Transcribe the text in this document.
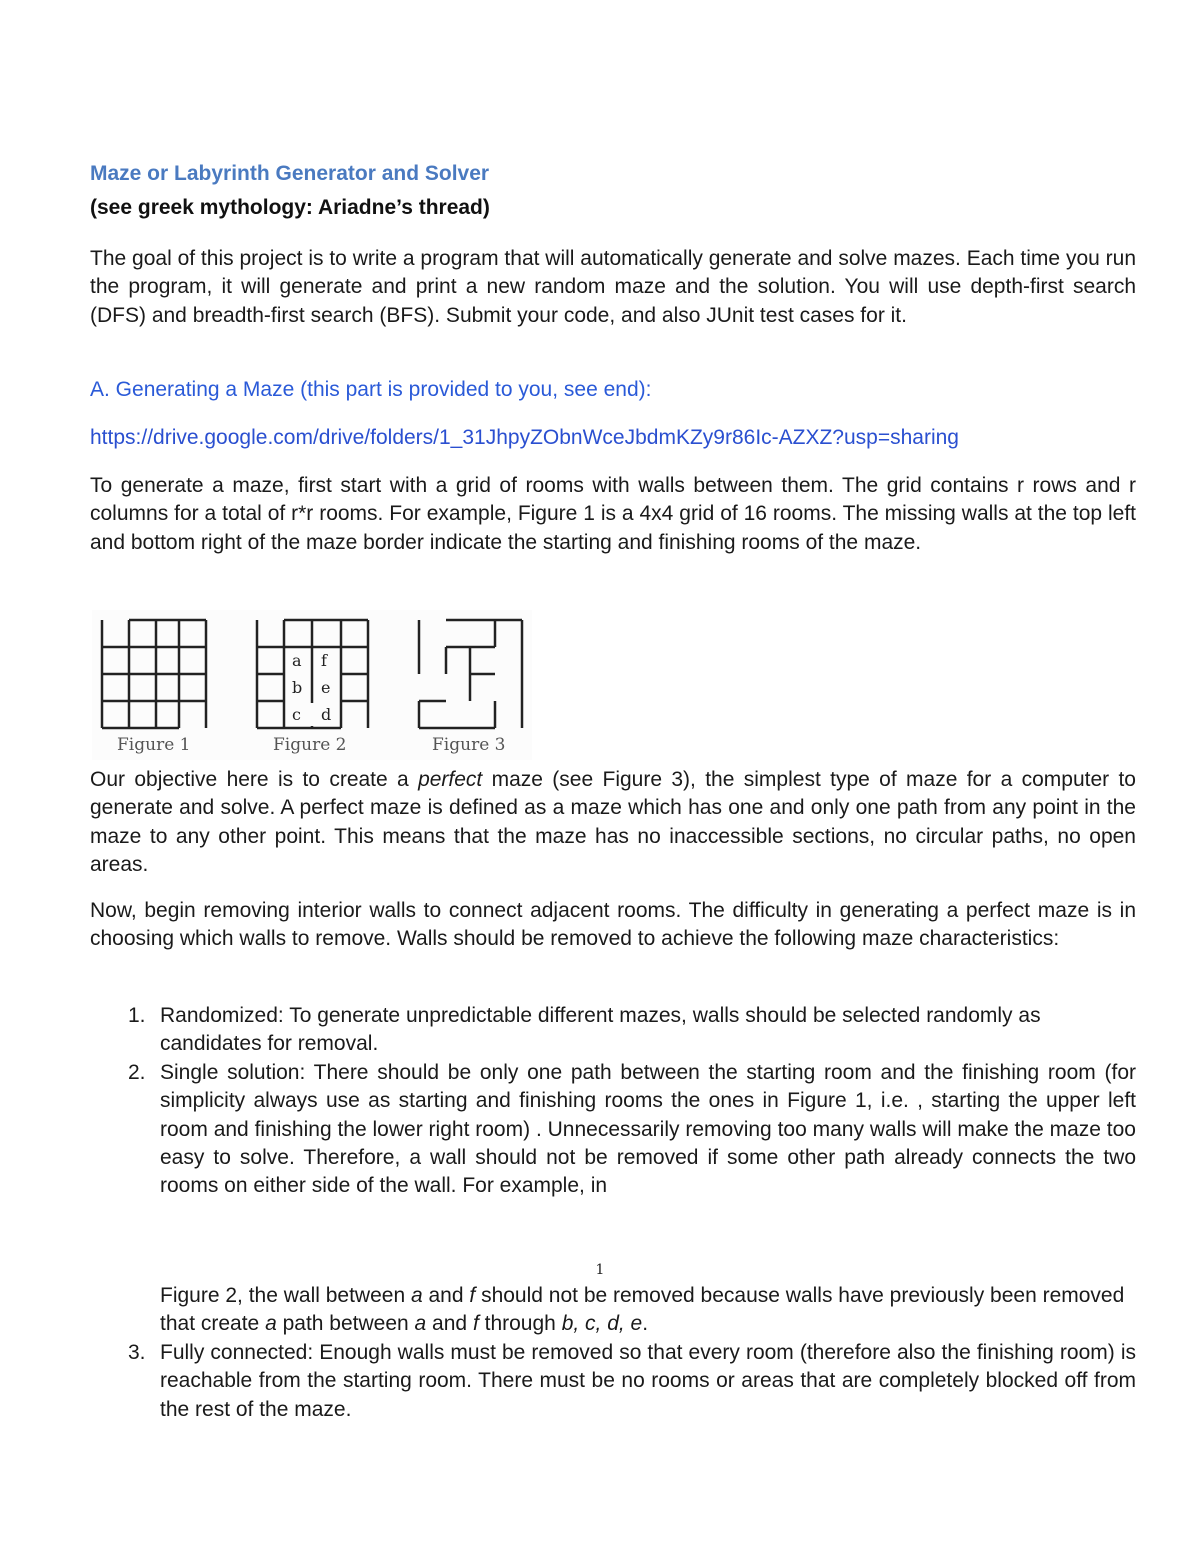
Maze or Labyrinth Generator and Solver
(see greek mythology: Ariadne’s thread)

The goal of this project is to write a program that will automatically generate and solve mazes. Each time you run the program, it will generate and print a new random maze and the solution. You will use depth-first search (DFS) and breadth-first search (BFS). Submit your code, and also JUnit test cases for it.

A. Generating a Maze (this part is provided to you, see end):

https://drive.google.com/drive/folders/1_31JhpyZObnWceJbdmKZy9r86Ic-AZXZ?usp=sharing

To generate a maze, first start with a grid of rooms with walls between them. The grid contains r rows and r columns for a total of r*r rooms. For example, Figure 1 is a 4x4 grid of 16 rooms. The missing walls at the top left and bottom right of the maze border indicate the starting and finishing rooms of the maze.

Figure 1
a f
b e
c d
Figure 2	Figure 3

Our objective here is to create a perfect maze (see Figure 3), the simplest type of maze for a computer to generate and solve. A perfect maze is defined as a maze which has one and only one path from any point in the maze to any other point. This means that the maze has no inaccessible sections, no circular paths, no open areas.

Now, begin removing interior walls to connect adjacent rooms. The difficulty in generating a perfect maze is in choosing which walls to remove. Walls should be removed to achieve the following maze characteristics:

1. Randomized: To generate unpredictable different mazes, walls should be selected randomly as candidates for removal.
2. Single solution: There should be only one path between the starting room and the finishing room (for simplicity always use as starting and finishing rooms the ones in Figure 1, i.e. , starting the upper left room and finishing the lower right room) . Unnecessarily removing too many walls will make the maze too easy to solve. Therefore, a wall should not be removed if some other path already connects the two rooms on either side of the wall. For example, in
1

Figure 2, the wall between a and f should not be removed because walls have previously been removed that create a path between a and f through b, c, d, e.

3. Fully connected: Enough walls must be removed so that every room (therefore also the finishing room) is reachable from the starting room. There must be no rooms or areas that are completely blocked off from the rest of the maze.
